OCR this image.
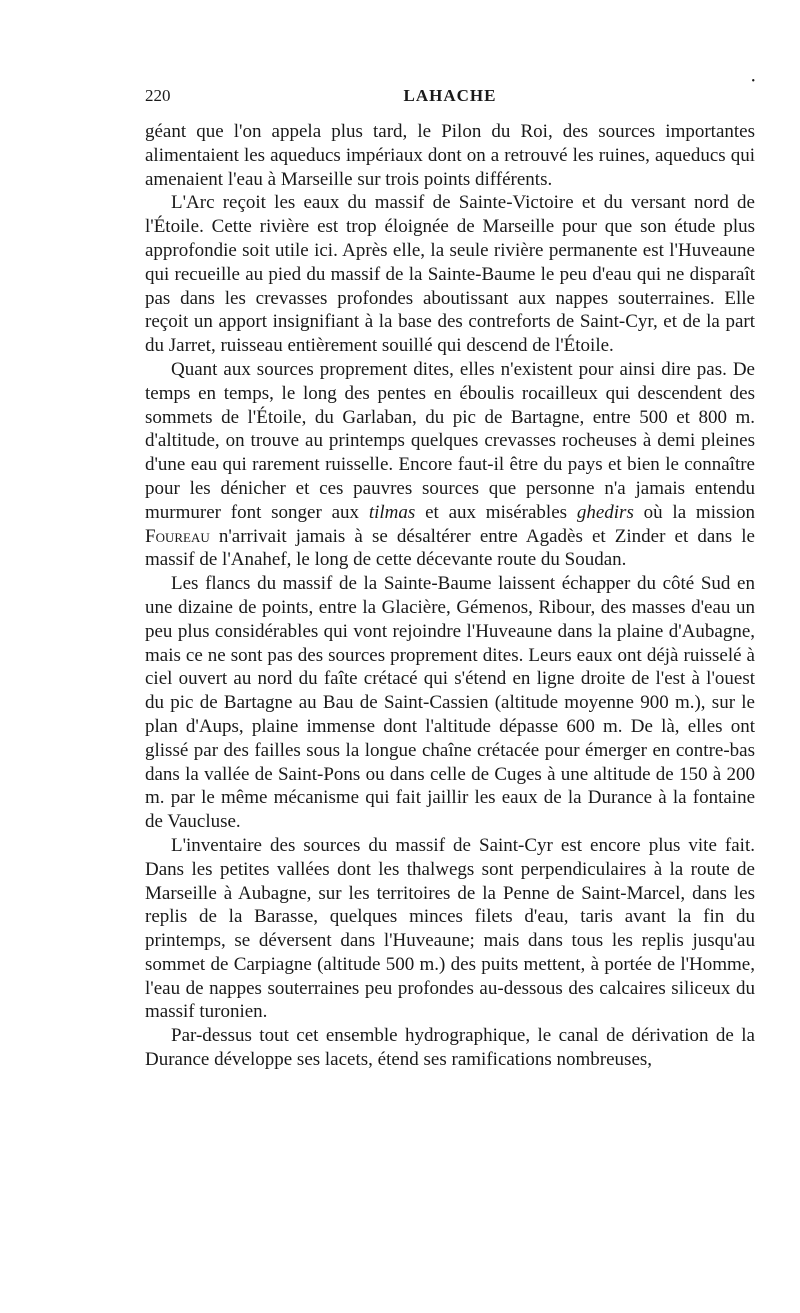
220	LAHACHE
•

géant que l'on appela plus tard, le Pilon du Roi, des sources importantes alimentaient les aqueducs impériaux dont on a retrouvé les ruines, aqueducs qui amenaient l'eau à Marseille sur trois points différents.

L'Arc reçoit les eaux du massif de Sainte-Victoire et du versant nord de l'Étoile. Cette rivière est trop éloignée de Marseille pour que son étude plus approfondie soit utile ici. Après elle, la seule rivière permanente est l'Huveaune qui recueille au pied du massif de la Sainte-Baume le peu d'eau qui ne disparaît pas dans les crevasses profondes aboutissant aux nappes souterraines. Elle reçoit un apport insignifiant à la base des contreforts de Saint-Cyr, et de la part du Jarret, ruisseau entièrement souillé qui descend de l'Étoile.

Quant aux sources proprement dites, elles n'existent pour ainsi dire pas. De temps en temps, le long des pentes en éboulis rocailleux qui descendent des sommets de l'Étoile, du Garlaban, du pic de Bartagne, entre 500 et 800 m. d'altitude, on trouve au printemps quelques crevasses rocheuses à demi pleines d'une eau qui rarement ruisselle. Encore faut-il être du pays et bien le connaître pour les dénicher et ces pauvres sources que personne n'a jamais entendu murmurer font songer aux tilmas et aux misérables ghedirs où la mission Foureau n'arrivait jamais à se désaltérer entre Agadès et Zinder et dans le massif de l'Anahef, le long de cette décevante route du Soudan.

Les flancs du massif de la Sainte-Baume laissent échapper du côté Sud en une dizaine de points, entre la Glacière, Gémenos, Ribour, des masses d'eau un peu plus considérables qui vont rejoindre l'Huveaune dans la plaine d'Aubagne, mais ce ne sont pas des sources proprement dites. Leurs eaux ont déjà ruisselé à ciel ouvert au nord du faîte crétacé qui s'étend en ligne droite de l'est à l'ouest du pic de Bartagne au Bau de Saint-Cassien (altitude moyenne 900 m.), sur le plan d'Aups, plaine immense dont l'altitude dépasse 600 m. De là, elles ont glissé par des failles sous la longue chaîne crétacée pour émerger en contre-bas dans la vallée de Saint-Pons ou dans celle de Cuges à une altitude de 150 à 200 m. par le même mécanisme qui fait jaillir les eaux de la Durance à la fontaine de Vaucluse.

L'inventaire des sources du massif de Saint-Cyr est encore plus vite fait. Dans les petites vallées dont les thalwegs sont perpendiculaires à la route de Marseille à Aubagne, sur les territoires de la Penne de Saint-Marcel, dans les replis de la Barasse, quelques minces filets d'eau, taris avant la fin du printemps, se déversent dans l'Huveaune; mais dans tous les replis jusqu'au sommet de Carpiagne (altitude 500 m.) des puits mettent, à portée de l'Homme, l'eau de nappes souterraines peu profondes au-dessous des calcaires siliceux du massif turonien.

Par-dessus tout cet ensemble hydrographique, le canal de dérivation de la Durance développe ses lacets, étend ses ramifications nombreuses,
